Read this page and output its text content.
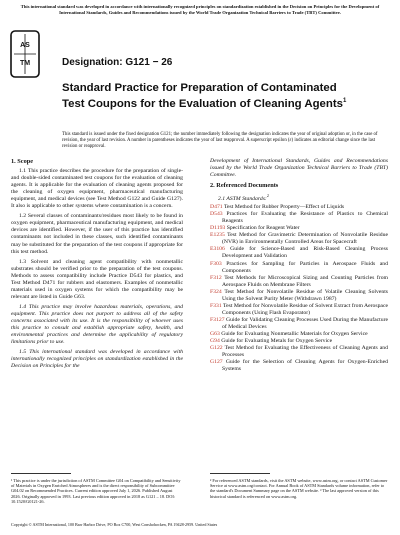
This international standard was developed in accordance with internationally recognized principles on standardization established in the Decision on Principles for the Development of International Standards, Guides and Recommendations issued by the World Trade Organization Technical Barriers to Trade (TBT) Committee.
AS
TM	Designation: G121 − 26
Standard Practice for Preparation of Contaminated Test Coupons for the Evaluation of Cleaning Agents$^1$
This standard is issued under the fixed designation G121; the number immediately following the designation indicates the year of original adoption or, in the case of revision, the year of last revision. A number in parentheses indicates the year of last reapproval. A superscript epsilon (ε) indicates an editorial change since the last revision or reapproval.
1. Scope

1.1 This practice describes the procedure for the preparation of single- and double-sided contaminated test coupons for the evaluation of cleaning agents. It is applicable for the evaluation of cleaning agents proposed for the cleaning of oxygen equipment, pharmaceutical manufacturing equipment, and medical devices (see Test Method G122 and Guide G127). It also is applicable to other systems where contamination is a concern.

1.2 Several classes of contaminants/residues most likely to be found in oxygen equipment, pharmaceutical manufacturing equipment, and medical devices are identified. However, if the user of this practice has identified contaminants not included in these classes, such identified contaminants may be substituted for the preparation of the test coupons if appropriate for this test method.

1.3 Solvent and cleaning agent compatibility with nonmetallic substrates should be verified prior to the preparation of the test coupons. Methods to assess compatibility include Practice D543 for plastics, and Test Method D471 for rubbers and elastomers. Examples of nonmetallic materials used in oxygen systems for which the compatibility may be relevant are listed in Guide G63.

1.4 This practice may involve hazardous materials, operations, and equipment. This practice does not purport to address all of the safety concerns associated with its use. It is the responsibility of whoever uses this practice to consult and establish appropriate safety, health, and environmental practices and determine the applicability of regulatory limitations prior to use.

1.5 This international standard was developed in accordance with internationally recognized principles on standardization established in the Decision on Principles for the

Development of International Standards, Guides and Recommendations issued by the World Trade Organization Technical Barriers to Trade (TBT) Committee.

2. Referenced Documents

2.1 ASTM Standards:$^2$

D471 Test Method for Rubber Property—Effect of Liquids
D543 Practices for Evaluating the Resistance of Plastics to Chemical Reagents
D1193 Specification for Reagent Water
E1235 Test Method for Gravimetric Determination of Nonvolatile Residue (NVR) in Environmentally Controlled Areas for Spacecraft
E3106 Guide for Science-Based and Risk-Based Cleaning Process Development and Validation
F303 Practices for Sampling for Particles in Aerospace Fluids and Components
F312 Test Methods for Microscopical Sizing and Counting Particles from Aerospace Fluids on Membrane Filters
F324 Test Method for Nonvolatile Residue of Volatile Cleaning Solvents Using the Solvent Purity Meter (Withdrawn 1987)
F331 Test Method for Nonvolatile Residue of Solvent Extract from Aerospace Components (Using Flash Evaporator)
F3127 Guide for Validating Cleaning Processes Used During the Manufacture of Medical Devices
G63 Guide for Evaluating Nonmetallic Materials for Oxygen Service
G94 Guide for Evaluating Metals for Oxygen Service
G122 Test Method for Evaluating the Effectiveness of Cleaning Agents and Processes
G127 Guide for the Selection of Cleaning Agents for Oxygen-Enriched Systems
¹ This practice is under the jurisdiction of ASTM Committee G04 on Compatibility and Sensitivity of Materials in Oxygen Enriched Atmospheres and is the direct responsibility of Subcommittee G04.02 on Recommended Practices. Current edition approved July 1, 2026. Published August 2026. Originally approved in 1993. Last previous edition approved in 2018 as G121 – 18. DOI: 10.1520/G0121-26.
² For referenced ASTM standards, visit the ASTM website, www.astm.org, or contact ASTM Customer Service at www.astm.org/contact. For Annual Book of ASTM Standards volume information, refer to the standard's Document Summary page on the ASTM website. ³ The last approved version of this historical standard is referenced on www.astm.org.
Copyright © ASTM International, 100 Barr Harbor Drive, PO Box C700, West Conshohocken, PA 19428-2959. United States
